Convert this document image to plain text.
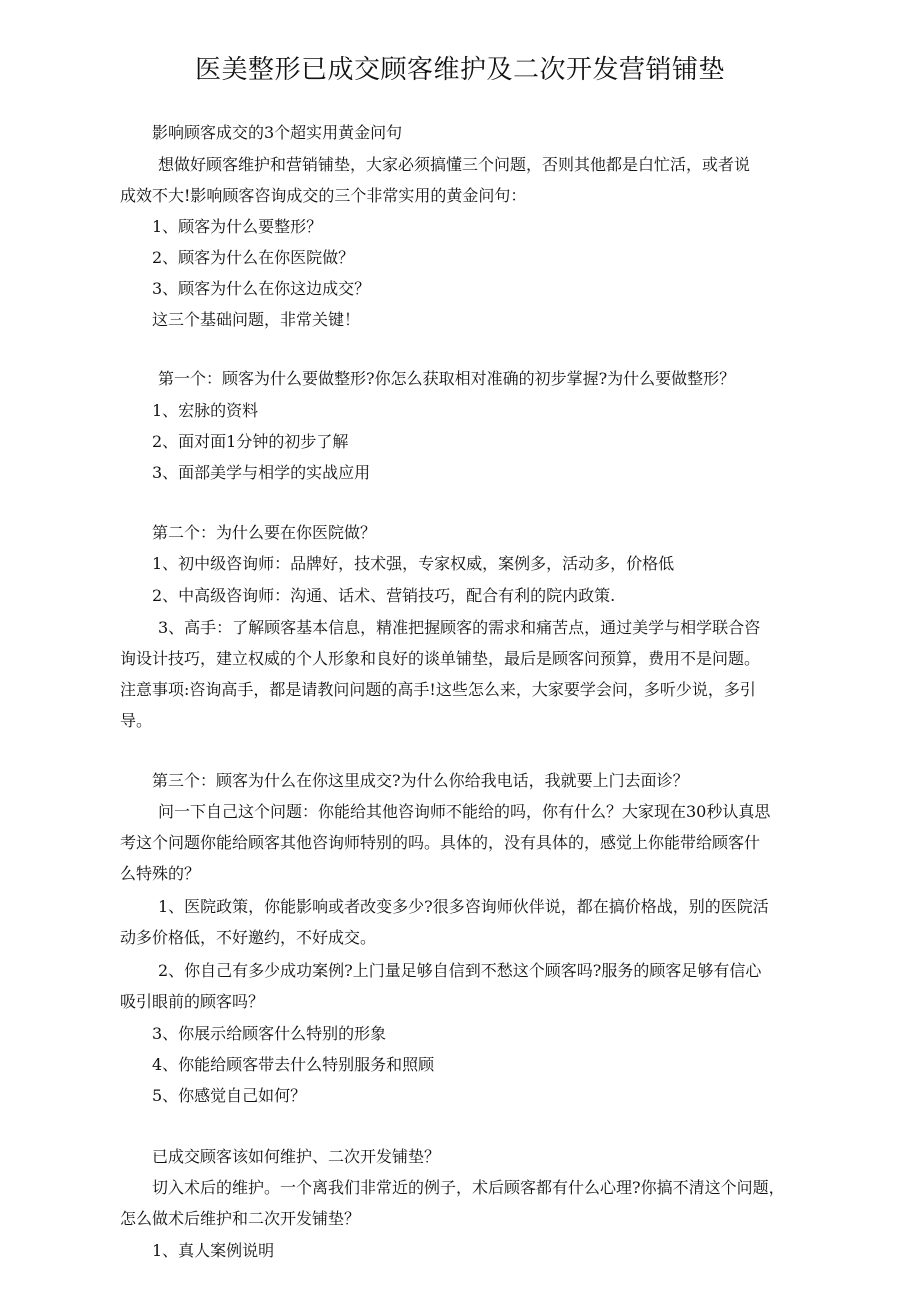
医美整形已成交顾客维护及二次开发营销铺垫
影响顾客成交的3个超实用黄金问句
想做好顾客维护和营销铺垫，大家必须搞懂三个问题，否则其他都是白忙活，或者说
成效不大!影响顾客咨询成交的三个非常实用的黄金问句：
1、顾客为什么要整形？
2、顾客为什么在你医院做？
3、顾客为什么在你这边成交？
这三个基础问题，非常关键！
第一个：顾客为什么要做整形?你怎么获取相对准确的初步掌握?为什么要做整形？
1、宏脉的资料
2、面对面1分钟的初步了解
3、面部美学与相学的实战应用
第二个：为什么要在你医院做？
1、初中级咨询师：品牌好，技术强，专家权威，案例多，活动多，价格低
2、中高级咨询师：沟通、话术、营销技巧，配合有利的院内政策.
3、高手：了解顾客基本信息，精准把握顾客的需求和痛苦点，通过美学与相学联合咨
询设计技巧，建立权威的个人形象和良好的谈单铺垫，最后是顾客问预算，费用不是问题。
注意事项:咨询高手，都是请教问问题的高手!这些怎么来，大家要学会问，多听少说，多引
导。
第三个：顾客为什么在你这里成交?为什么你给我电话，我就要上门去面诊？
问一下自己这个问题：你能给其他咨询师不能给的吗，你有什么？大家现在30秒认真思
考这个问题你能给顾客其他咨询师特别的吗。具体的，没有具体的，感觉上你能带给顾客什
么特殊的？
1、医院政策，你能影响或者改变多少?很多咨询师伙伴说，都在搞价格战，别的医院活
动多价格低，不好邀约，不好成交。
2、你自己有多少成功案例?上门量足够自信到不愁这个顾客吗?服务的顾客足够有信心
吸引眼前的顾客吗？
3、你展示给顾客什么特别的形象
4、你能给顾客带去什么特别服务和照顾
5、你感觉自己如何？
已成交顾客该如何维护、二次开发铺垫？
切入术后的维护。一个离我们非常近的例子，术后顾客都有什么心理?你搞不清这个问题，
怎么做术后维护和二次开发铺垫？
1、真人案例说明
